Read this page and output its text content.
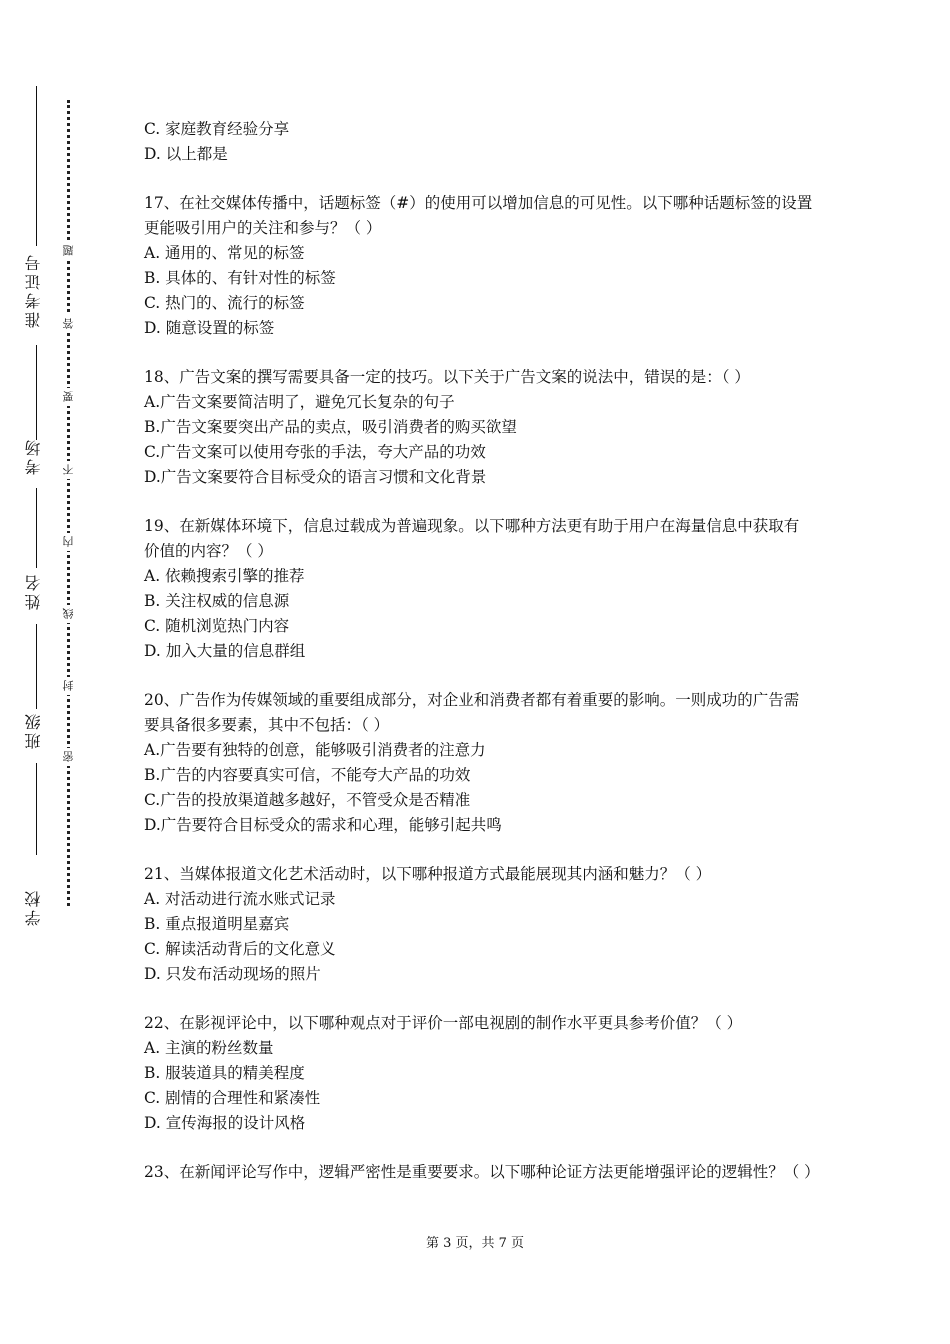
准考证号
考场
姓名
班级
学校
题
答
要
不
内
线
封
密
C. 家庭教育经验分享
D. 以上都是
17、在社交媒体传播中，话题标签（#）的使用可以增加信息的可见性。以下哪种话题标签的设置更能吸引用户的关注和参与？（ ）
A. 通用的、常见的标签
B. 具体的、有针对性的标签
C. 热门的、流行的标签
D. 随意设置的标签
18、广告文案的撰写需要具备一定的技巧。以下关于广告文案的说法中，错误的是：（ ）
A.广告文案要简洁明了，避免冗长复杂的句子
B.广告文案要突出产品的卖点，吸引消费者的购买欲望
C.广告文案可以使用夸张的手法，夸大产品的功效
D.广告文案要符合目标受众的语言习惯和文化背景
19、在新媒体环境下，信息过载成为普遍现象。以下哪种方法更有助于用户在海量信息中获取有价值的内容？（ ）
A. 依赖搜索引擎的推荐
B. 关注权威的信息源
C. 随机浏览热门内容
D. 加入大量的信息群组
20、广告作为传媒领域的重要组成部分，对企业和消费者都有着重要的影响。一则成功的广告需要具备很多要素，其中不包括：（ ）
A.广告要有独特的创意，能够吸引消费者的注意力
B.广告的内容要真实可信，不能夸大产品的功效
C.广告的投放渠道越多越好，不管受众是否精准
D.广告要符合目标受众的需求和心理，能够引起共鸣
21、当媒体报道文化艺术活动时，以下哪种报道方式最能展现其内涵和魅力？（ ）
A. 对活动进行流水账式记录
B. 重点报道明星嘉宾
C. 解读活动背后的文化意义
D. 只发布活动现场的照片
22、在影视评论中，以下哪种观点对于评价一部电视剧的制作水平更具参考价值？（ ）
A. 主演的粉丝数量
B. 服装道具的精美程度
C. 剧情的合理性和紧凑性
D. 宣传海报的设计风格
23、在新闻评论写作中，逻辑严密性是重要要求。以下哪种论证方法更能增强评论的逻辑性？（ ）
第 3 页，共 7 页
